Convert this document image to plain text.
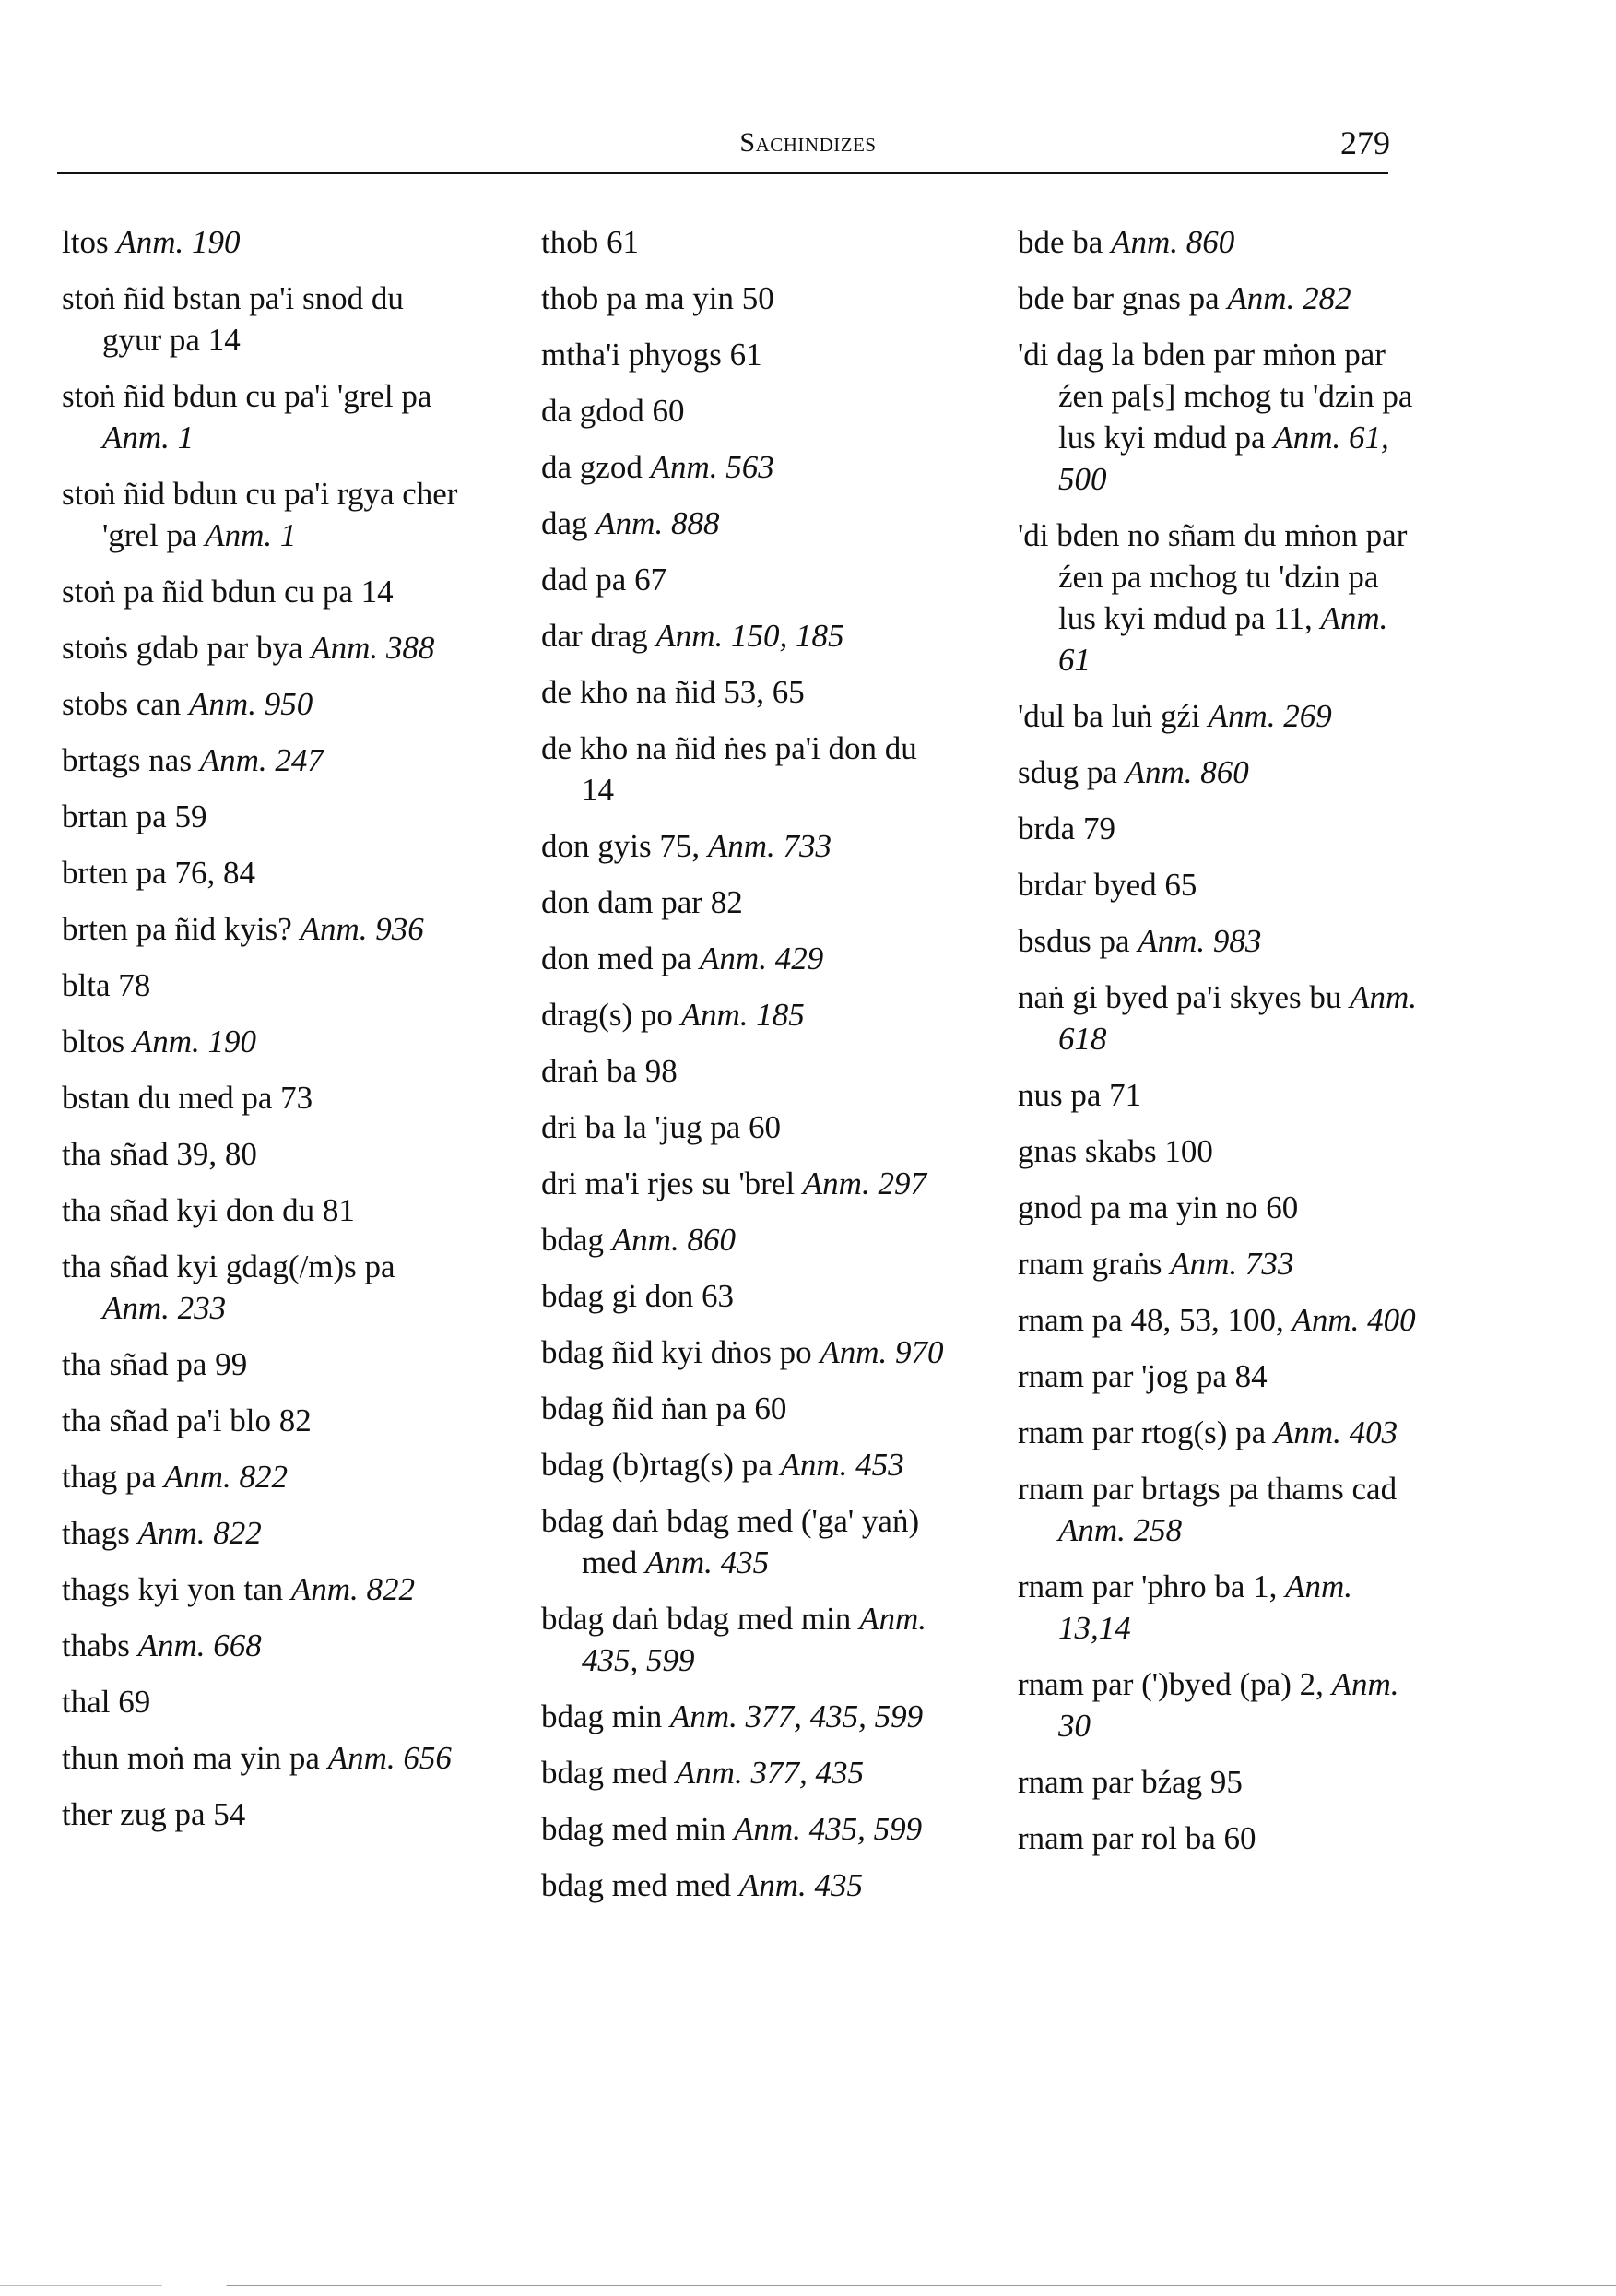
Sachindizes	279
ltos Anm. 190
stoṅ ñid bstan pa'i snod du gyur pa 14
stoṅ ñid bdun cu pa'i 'grel pa Anm. 1
stoṅ ñid bdun cu pa'i rgya cher 'grel pa Anm. 1
stoṅ pa ñid bdun cu pa 14
stoṅs gdab par bya Anm. 388
stobs can Anm. 950
brtags nas Anm. 247
brtan pa 59
brten pa 76, 84
brten pa ñid kyis? Anm. 936
blta 78
bltos Anm. 190
bstan du med pa 73
tha sñad 39, 80
tha sñad kyi don du 81
tha sñad kyi gdag(/m)s pa Anm. 233
tha sñad pa 99
tha sñad pa'i blo 82
thag pa Anm. 822
thags Anm. 822
thags kyi yon tan Anm. 822
thabs Anm. 668
thal 69
thun moṅ ma yin pa Anm. 656
ther zug pa 54
thob 61
thob pa ma yin 50
mtha'i phyogs 61
da gdod 60
da gzod Anm. 563
dag Anm. 888
dad pa 67
dar drag Anm. 150, 185
de kho na ñid 53, 65
de kho na ñid ṅes pa'i don du 14
don gyis 75, Anm. 733
don dam par 82
don med pa Anm. 429
drag(s) po Anm. 185
draṅ ba 98
dri ba la 'jug pa 60
dri ma'i rjes su 'brel Anm. 297
bdag Anm. 860
bdag gi don 63
bdag ñid kyi dṅos po Anm. 970
bdag ñid ṅan pa 60
bdag (b)rtag(s) pa Anm. 453
bdag daṅ bdag med ('ga' yaṅ) med Anm. 435
bdag daṅ bdag med min Anm. 435, 599
bdag min Anm. 377, 435, 599
bdag med Anm. 377, 435
bdag med min Anm. 435, 599
bdag med med Anm. 435
bde ba Anm. 860
bde bar gnas pa Anm. 282
'di dag la bden par mṅon par źen pa[s] mchog tu 'dzin pa lus kyi mdud pa Anm. 61, 500
'di bden no sñam du mṅon par źen pa mchog tu 'dzin pa lus kyi mdud pa 11, Anm. 61
'dul ba luṅ gźi Anm. 269
sdug pa Anm. 860
brda 79
brdar byed 65
bsdus pa Anm. 983
naṅ gi byed pa'i skyes bu Anm. 618
nus pa 71
gnas skabs 100
gnod pa ma yin no 60
rnam graṅs Anm. 733
rnam pa 48, 53, 100, Anm. 400
rnam par 'jog pa 84
rnam par rtog(s) pa Anm. 403
rnam par brtags pa thams cad Anm. 258
rnam par 'phro ba 1, Anm. 13,14
rnam par (')byed (pa) 2, Anm. 30
rnam par bźag 95
rnam par rol ba 60
